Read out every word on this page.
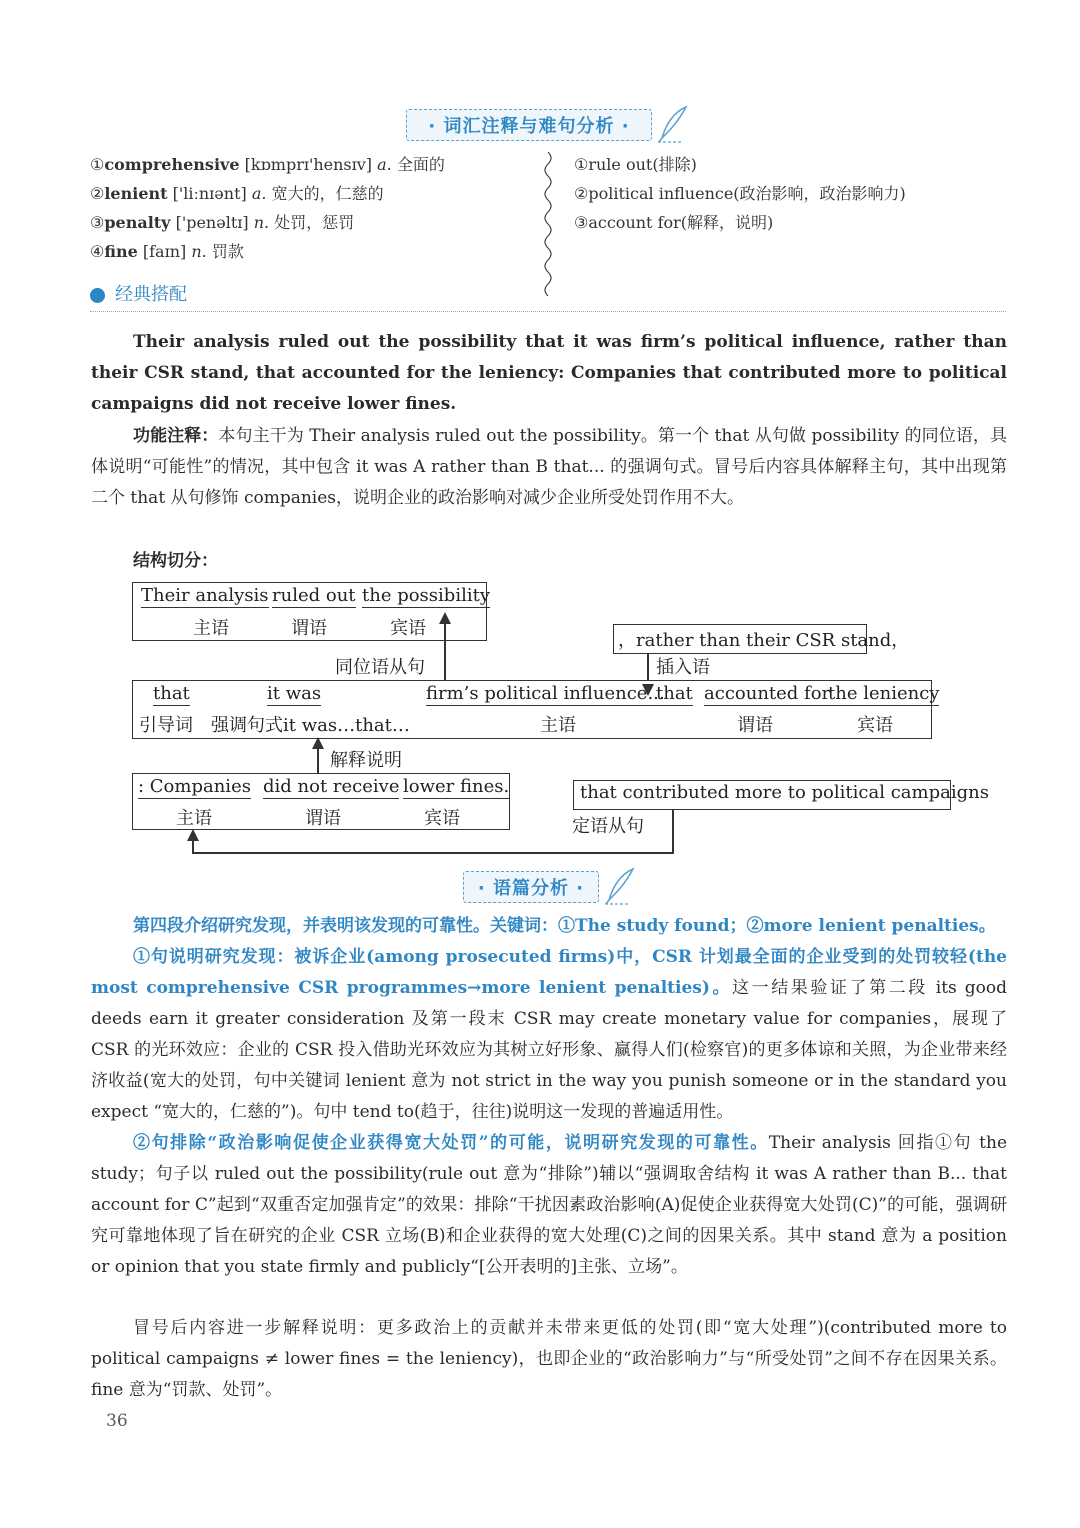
· 词汇注释与难句分析 ·
①comprehensive [kɒmprɪ'hensɪv] a. 全面的
②lenient ['liːnɪənt] a. 宽大的，仁慈的
③penalty ['penəltɪ] n. 处罚，惩罚
④fine [faɪn] n. 罚款
①rule out(排除)
②political influence(政治影响，政治影响力)
③account for(解释，说明)
经典搭配
Their analysis ruled out the possibility that it was firm’s political influence, rather than their CSR stand, that accounted for the leniency: Companies that contributed more to political campaigns did not receive lower fines.
功能注释：本句主干为 Their analysis ruled out the possibility。第一个 that 从句做 possibility 的同位语，具体说明“可能性”的情况，其中包含 it was A rather than B that... 的强调句式。冒号后内容具体解释主句，其中出现第二个 that 从句修饰 companies，说明企业的政治影响对减少企业所受处罚作用不大。
结构切分：
Their analysis ruled out the possibility
主语	谓语	宾语
同位语从句
，rather than their CSR stand，
插入语
that	it was	firm’s political influence...
that accounted for
the leniency
引导词 强调句式it was…that…	主语	谓语	宾语
解释说明
: Companies did not receive lower fines.
主语	谓语	宾语
that contributed more to political campaigns
定语从句
· 语篇分析 ·
第四段介绍研究发现，并表明该发现的可靠性。关键词：①The study found；②more lenient penalties。
①句说明研究发现：被诉企业(among prosecuted firms)中，CSR 计划最全面的企业受到的处罚较轻(the most comprehensive CSR programmes→more lenient penalties)。这一结果验证了第二段 its good deeds earn it greater consideration 及第一段末 CSR may create monetary value for companies，展现了 CSR 的光环效应：企业的 CSR 投入借助光环效应为其树立好形象、赢得人们(检察官)的更多体谅和关照，为企业带来经济收益(宽大的处罚，句中关键词 lenient 意为 not strict in the way you punish someone or in the standard you expect “宽大的，仁慈的”)。句中 tend to(趋于，往往)说明这一发现的普遍适用性。
②句排除“政治影响促使企业获得宽大处罚”的可能，说明研究发现的可靠性。Their analysis 回指①句 the study；句子以 ruled out the possibility(rule out 意为“排除”)辅以“强调取舍结构 it was A rather than B... that account for C”起到“双重否定加强肯定”的效果：排除“干扰因素政治影响(A)促使企业获得宽大处罚(C)”的可能，强调研究可靠地体现了旨在研究的企业 CSR 立场(B)和企业获得的宽大处理(C)之间的因果关系。其中 stand 意为 a position or opinion that you state firmly and publicly“[公开表明的]主张、立场”。
冒号后内容进一步解释说明：更多政治上的贡献并未带来更低的处罚(即“宽大处理”)(contributed more to political campaigns ≠ lower fines = the leniency)，也即企业的“政治影响力”与“所受处罚”之间不存在因果关系。fine 意为“罚款、处罚”。
36
